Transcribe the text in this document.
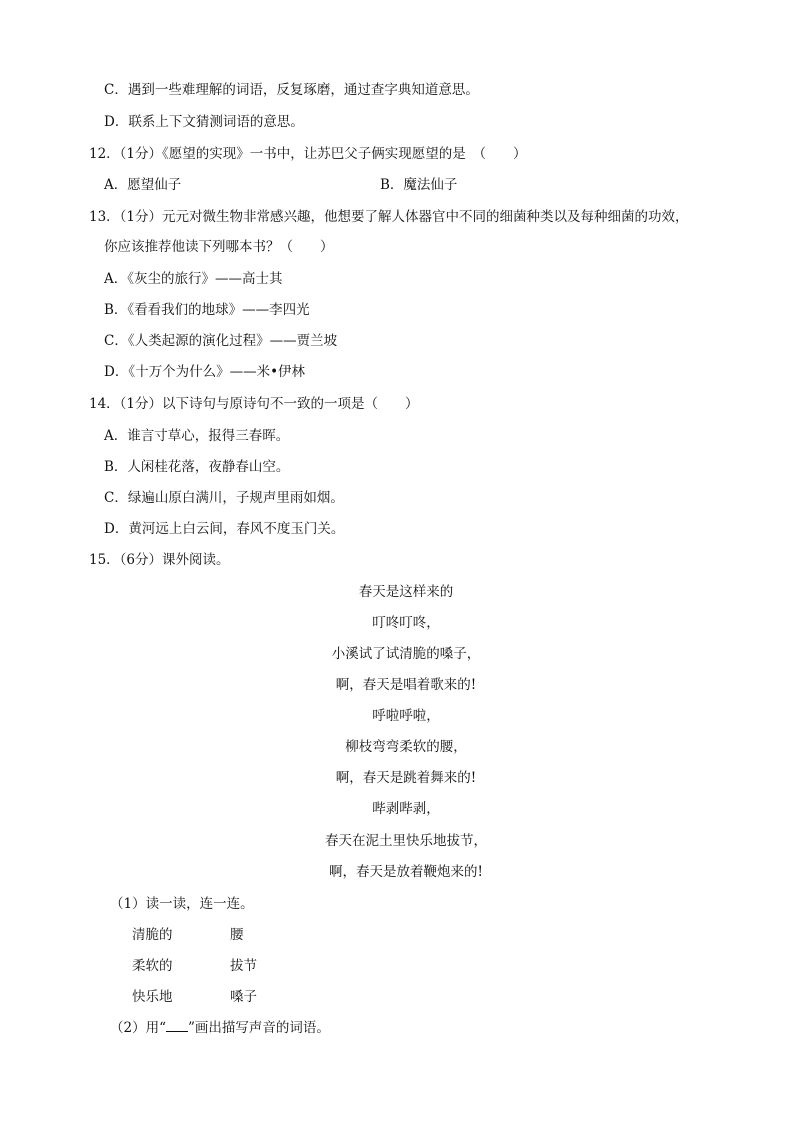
C．遇到一些难理解的词语，反复琢磨，通过查字典知道意思。
D．联系上下文猜测词语的意思。
12．（1分）《愿望的实现》一书中，让苏巴父子俩实现愿望的是　（　　）
A．愿望仙子	B．魔法仙子
13．（1分）元元对微生物非常感兴趣，他想要了解人体器官中不同的细菌种类以及每种细菌的功效，
你应该推荐他读下列哪本书？（　　）
A．《灰尘的旅行》——高士其
B．《看看我们的地球》——李四光
C．《人类起源的演化过程》——贾兰坡
D．《十万个为什么》——米•伊林
14．（1分）以下诗句与原诗句不一致的一项是（　　）
A．谁言寸草心，报得三春晖。
B．人闲桂花落，夜静春山空。
C．绿遍山原白满川，子规声里雨如烟。
D．黄河远上白云间，春风不度玉门关。
15．（6分）课外阅读。
春天是这样来的
叮咚叮咚，
小溪试了试清脆的嗓子，
啊，春天是唱着歌来的!
呼啦呼啦，
柳枝弯弯柔软的腰，
啊，春天是跳着舞来的!
哔剥哔剥，
春天在泥土里快乐地拔节，
啊，春天是放着鞭炮来的!
（1）读一读，连一连。
清脆的	腰
柔软的	拔节
快乐地	嗓子
（2）用“ ”画出描写声音的词语。
